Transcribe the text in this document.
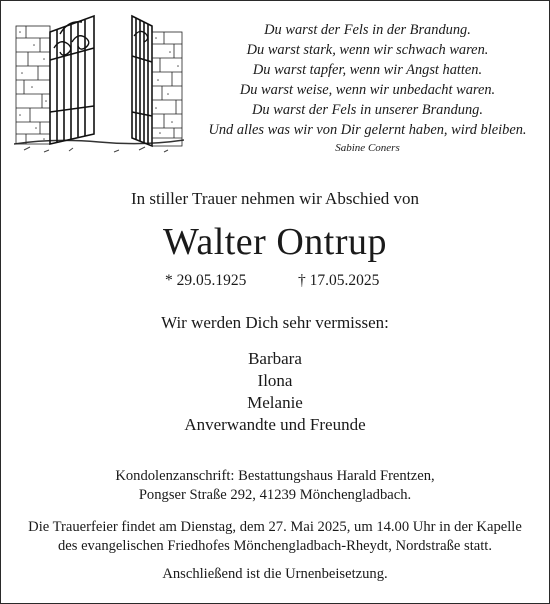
Du warst der Fels in der Brandung.
Du warst stark, wenn wir schwach waren.
Du warst tapfer, wenn wir Angst hatten.
Du warst weise, wenn wir unbedacht waren.
Du warst der Fels in unserer Brandung.
Und alles was wir von Dir gelernt haben, wird bleiben.
Sabine Coners
In stiller Trauer nehmen wir Abschied von
Walter Ontrup
* 29.05.1925	† 17.05.2025
Wir werden Dich sehr vermissen:
Barbara
Ilona
Melanie
Anverwandte und Freunde
Kondolenzanschrift: Bestattungshaus Harald Frentzen,
Pongser Straße 292, 41239 Mönchengladbach.
Die Trauerfeier findet am Dienstag, dem 27. Mai 2025, um 14.00 Uhr in der Kapelle
des evangelischen Friedhofes Mönchengladbach-Rheydt, Nordstraße statt.
Anschließend ist die Urnenbeisetzung.
